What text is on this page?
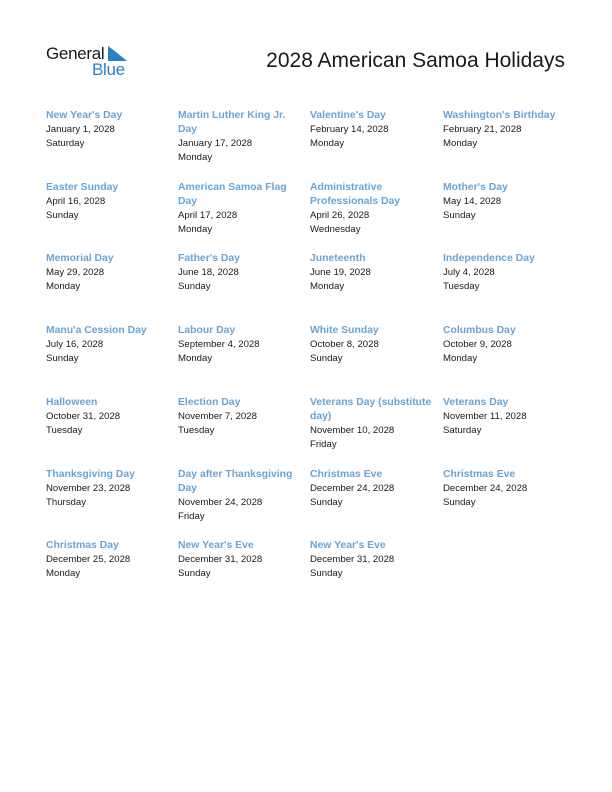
General
Blue	2028 American Samoa Holidays
New Year's Day
January 1, 2028
Saturday
Martin Luther King Jr. Day
January 17, 2028
Monday
Valentine's Day
February 14, 2028
Monday
Washington's Birthday
February 21, 2028
Monday
Easter Sunday
April 16, 2028
Sunday
American Samoa Flag Day
April 17, 2028
Monday
Administrative Professionals Day
April 26, 2028
Wednesday
Mother's Day
May 14, 2028
Sunday
Memorial Day
May 29, 2028
Monday
Father's Day
June 18, 2028
Sunday
Juneteenth
June 19, 2028
Monday
Independence Day
July 4, 2028
Tuesday
Manu'a Cession Day
July 16, 2028
Sunday
Labour Day
September 4, 2028
Monday
White Sunday
October 8, 2028
Sunday
Columbus Day
October 9, 2028
Monday
Halloween
October 31, 2028
Tuesday
Election Day
November 7, 2028
Tuesday
Veterans Day (substitute day)
November 10, 2028
Friday
Veterans Day
November 11, 2028
Saturday
Thanksgiving Day
November 23, 2028
Thursday
Day after Thanksgiving Day
November 24, 2028
Friday
Christmas Eve
December 24, 2028
Sunday
Christmas Eve
December 24, 2028
Sunday
Christmas Day
December 25, 2028
Monday
New Year's Eve
December 31, 2028
Sunday
New Year's Eve
December 31, 2028
Sunday
